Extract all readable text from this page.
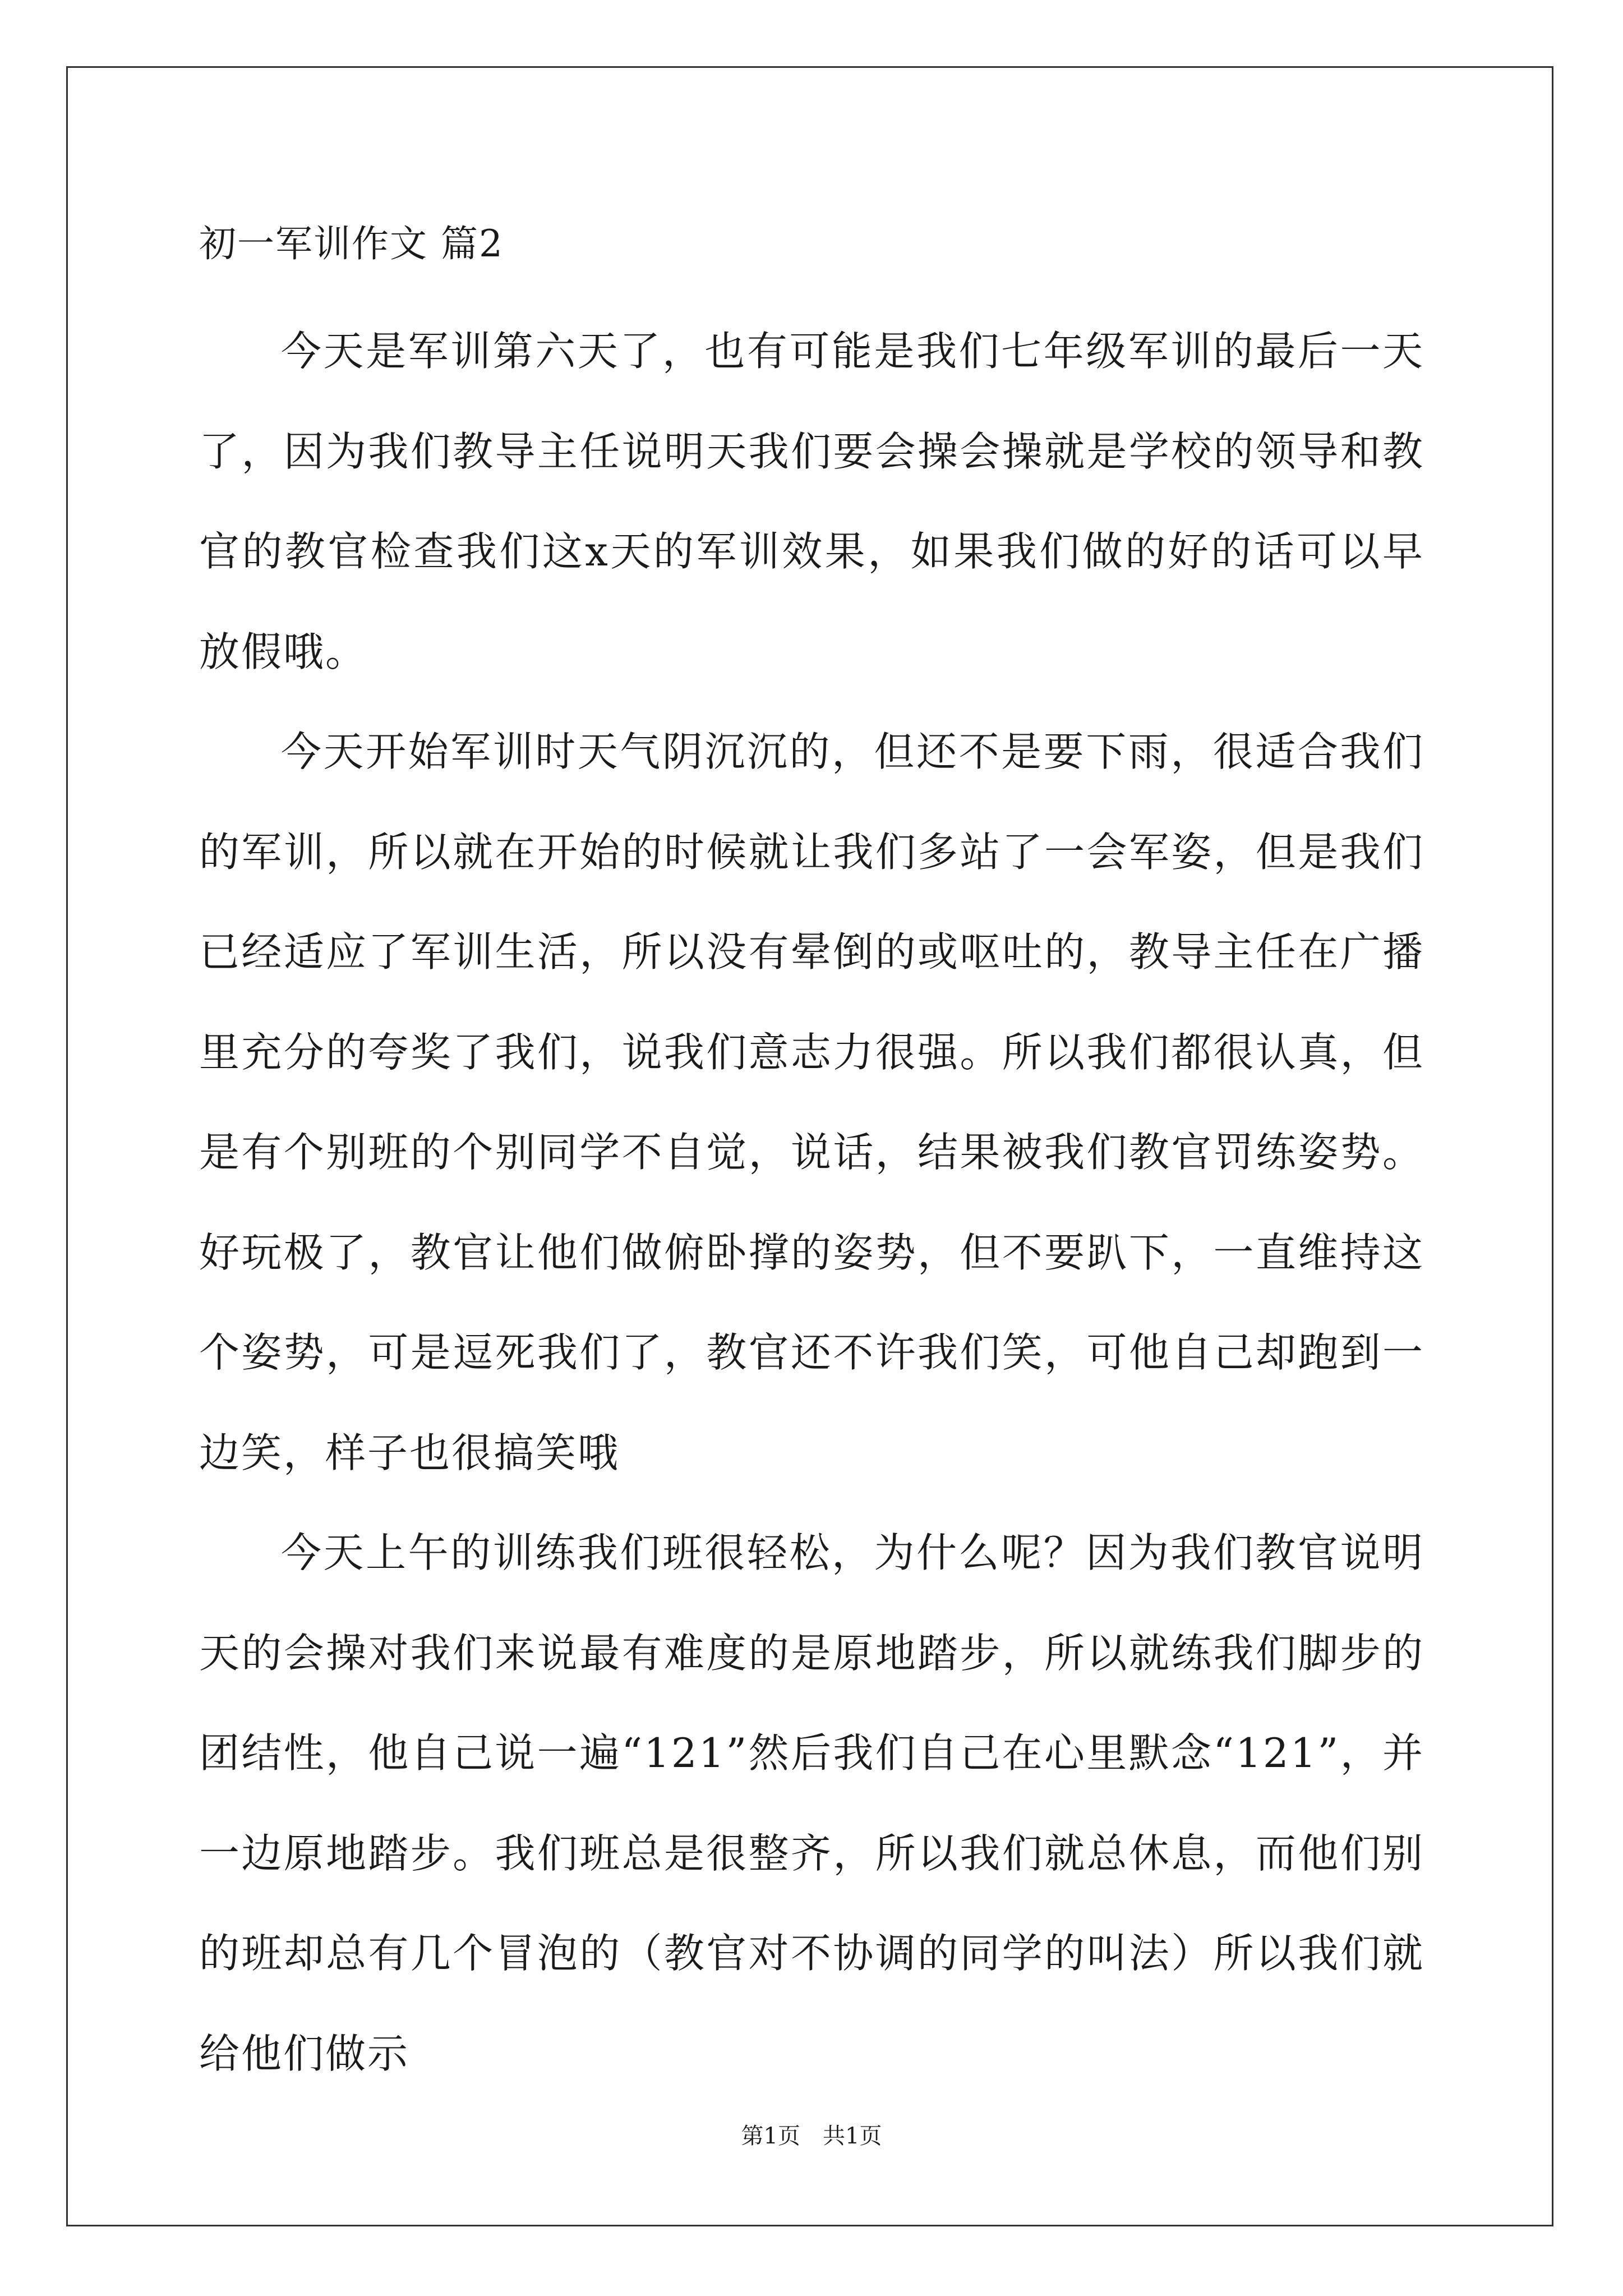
初一军训作文 篇2

今天是军训第六天了，也有可能是我们七年级军训的最后一天了，因为我们教导主任说明天我们要会操会操就是学校的领导和教官的教官检查我们这x天的军训效果，如果我们做的好的话可以早放假哦。

今天开始军训时天气阴沉沉的，但还不是要下雨，很适合我们的军训，所以就在开始的时候就让我们多站了一会军姿，但是我们已经适应了军训生活，所以没有晕倒的或呕吐的，教导主任在广播里充分的夸奖了我们，说我们意志力很强。所以我们都很认真，但是有个别班的个别同学不自觉，说话，结果被我们教官罚练姿势。好玩极了，教官让他们做俯卧撑的姿势，但不要趴下，一直维持这个姿势，可是逗死我们了，教官还不许我们笑，可他自己却跑到一边笑，样子也很搞笑哦

今天上午的训练我们班很轻松，为什么呢？因为我们教官说明天的会操对我们来说最有难度的是原地踏步，所以就练我们脚步的团结性，他自己说一遍“121”然后我们自己在心里默念“121”，并一边原地踏步。我们班总是很整齐，所以我们就总休息，而他们别的班却总有几个冒泡的（教官对不协调的同学的叫法）所以我们就给他们做示

第1页　共1页
